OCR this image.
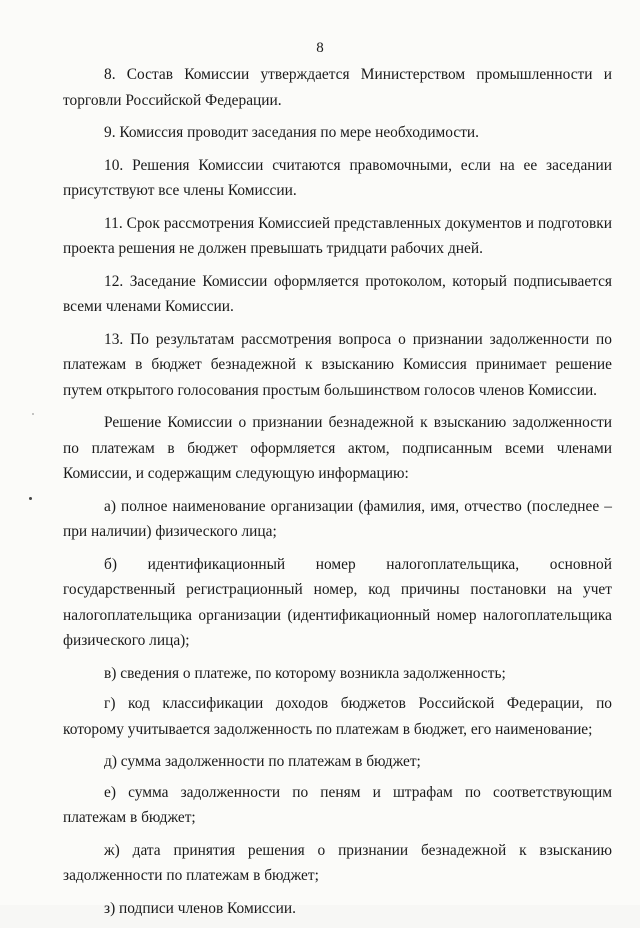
8

8. Состав Комиссии утверждается Министерством промышленности и торговли Российской Федерации.

9. Комиссия проводит заседания по мере необходимости.

10. Решения Комиссии считаются правомочными, если на ее заседании присутствуют все члены Комиссии.

11. Срок рассмотрения Комиссией представленных документов и подготовки проекта решения не должен превышать тридцати рабочих дней.

12. Заседание Комиссии оформляется протоколом, который подписывается всеми членами Комиссии.

13. По результатам рассмотрения вопроса о признании задолженности по платежам в бюджет безнадежной к взысканию Комиссия принимает решение путем открытого голосования простым большинством голосов членов Комиссии.

Решение Комиссии о признании безнадежной к взысканию задолженности по платежам в бюджет оформляется актом, подписанным всеми членами Комиссии, и содержащим следующую информацию:

а) полное наименование организации (фамилия, имя, отчество (последнее – при наличии) физического лица;

б) идентификационный номер налогоплательщика, основной государственный регистрационный номер, код причины постановки на учет налогоплательщика организации (идентификационный номер налогоплательщика физического лица);

в) сведения о платеже, по которому возникла задолженность;

г) код классификации доходов бюджетов Российской Федерации, по которому учитывается задолженность по платежам в бюджет, его наименование;

д) сумма задолженности по платежам в бюджет;

е) сумма задолженности по пеням и штрафам по соответствующим платежам в бюджет;

ж) дата принятия решения о признании безнадежной к взысканию задолженности по платежам в бюджет;

з) подписи членов Комиссии.
